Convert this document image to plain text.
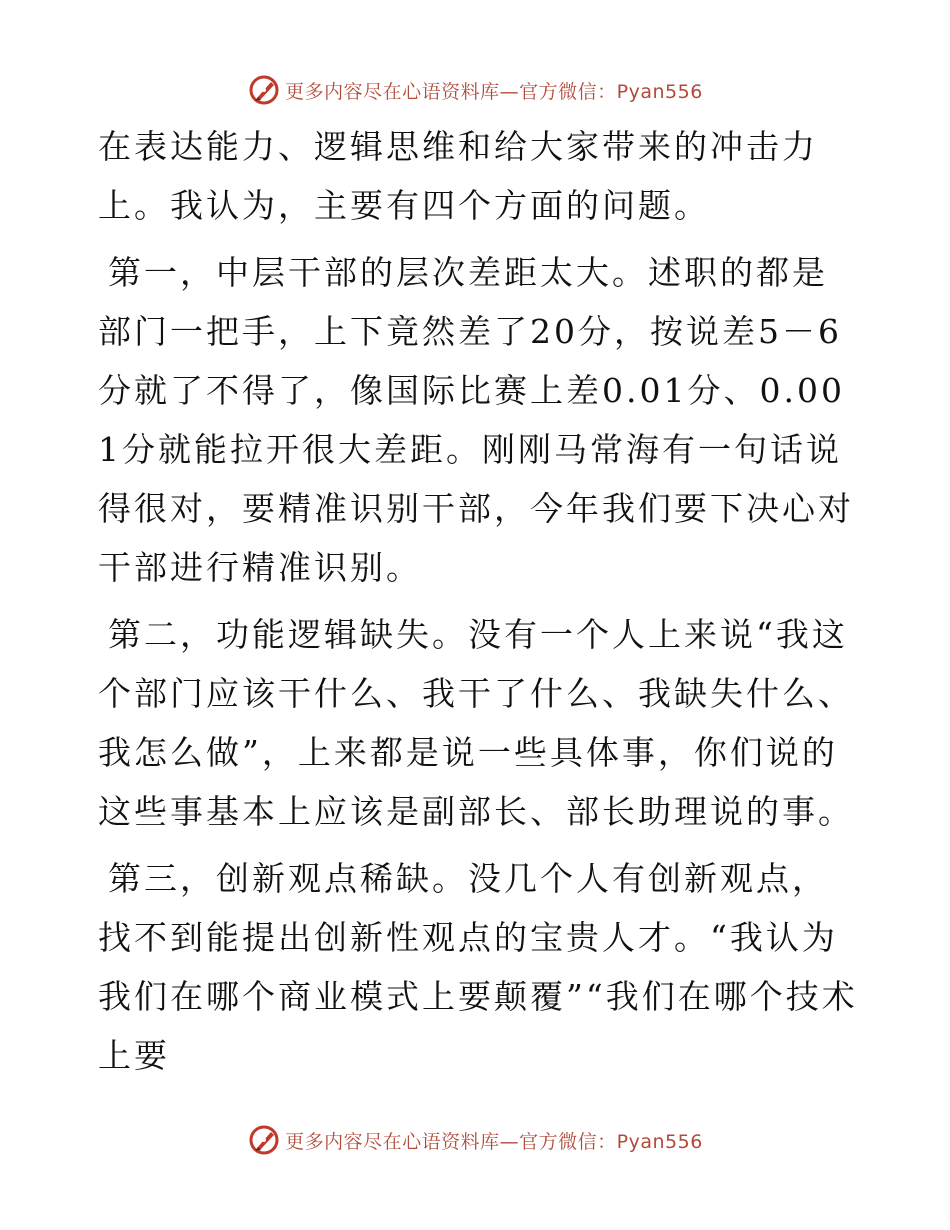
更多内容尽在心语资料库—官方微信：Pyan556

在表达能力、逻辑思维和给大家带来的冲击力上。我认为，主要有四个方面的问题。

第一，中层干部的层次差距太大。述职的都是部门一把手，上下竟然差了20分，按说差5－6分就了不得了，像国际比赛上差0.01分、0.001分就能拉开很大差距。刚刚马常海有一句话说得很对，要精准识别干部，今年我们要下决心对干部进行精准识别。

第二，功能逻辑缺失。没有一个人上来说“我这个部门应该干什么、我干了什么、我缺失什么、我怎么做”，上来都是说一些具体事，你们说的这些事基本上应该是副部长、部长助理说的事。

第三，创新观点稀缺。没几个人有创新观点，找不到能提出创新性观点的宝贵人才。“我认为我们在哪个商业模式上要颠覆”“我们在哪个技术上要

更多内容尽在心语资料库—官方微信：Pyan556
